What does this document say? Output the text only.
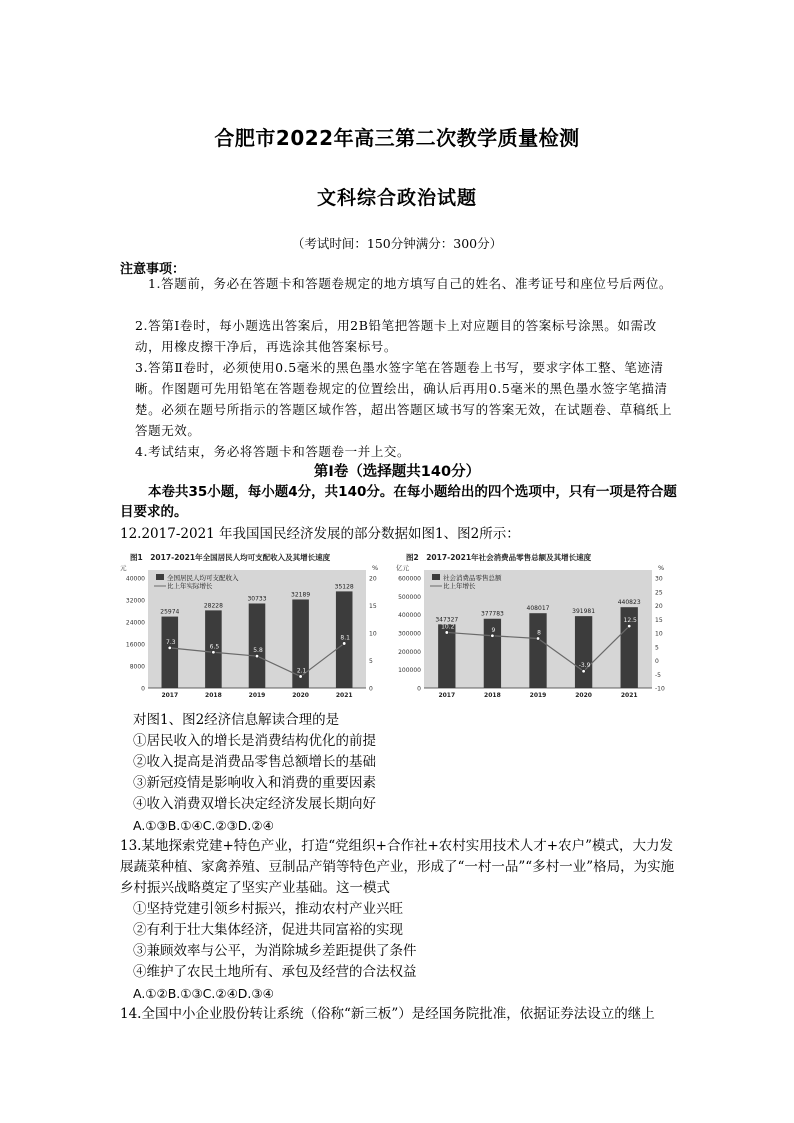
合肥市2022年高三第二次教学质量检测
文科综合政治试题
（考试时间：150分钟满分：300分）
注意事项：
1.答题前，务必在答题卡和答题卷规定的地方填写自己的姓名、准考证号和座位号后两位。
2.答第Ⅰ卷时，每小题选出答案后，用2B铅笔把答题卡上对应题目的答案标号涂黑。如需改动，用橡皮擦干净后，再选涂其他答案标号。
3.答第Ⅱ卷时，必须使用0.5毫米的黑色墨水签字笔在答题卷上书写，要求字体工整、笔迹清晰。作图题可先用铅笔在答题卷规定的位置绘出，确认后再用0.5毫米的黑色墨水签字笔描清楚。必须在题号所指示的答题区域作答，超出答题区域书写的答案无效，在试题卷、草稿纸上答题无效。
4.考试结束，务必将答题卡和答题卷一并上交。
第Ⅰ卷（选择题共140分）
本卷共35小题，每小题4分，共140分。在每小题给出的四个选项中，只有一项是符合题目要求的。
12.2017-2021 年我国国民经济发展的部分数据如图1、图2所示：
图1　2017-2021年全国居民人均可支配收入及其增长速度
元	%
0
8000
16000
24000
32000
40000
0
5
10
15
20
25974
2017
28228
2018
30733
2019
32189
2020
35128
2021
7.3
6.5
5.8
2.1
8.1
全国居民人均可支配收入
比上年实际增长
图2　2017-2021年社会消费品零售总额及其增长速度
亿元	%
0
100000
200000
300000
400000
500000
600000
-10
-5
0
5
10
15
20
25
30
347327
2017
377783
2018
408017
2019
391981
2020
440823
2021
10.2	9	8
-3.9
12.5
社会消费品零售总额
比上年增长
对图1、图2经济信息解读合理的是
①居民收入的增长是消费结构优化的前提
②收入提高是消费品零售总额增长的基础
③新冠疫情是影响收入和消费的重要因素
④收入消费双增长决定经济发展长期向好
A.①③B.①④C.②③D.②④
13.某地探索党建+特色产业，打造“党组织+合作社+农村实用技术人才+农户”模式，大力发展蔬菜种植、家禽养殖、豆制品产销等特色产业，形成了“一村一品”“多村一业”格局，为实施乡村振兴战略奠定了坚实产业基础。这一模式
①坚持党建引领乡村振兴，推动农村产业兴旺
②有利于壮大集体经济，促进共同富裕的实现
③兼顾效率与公平，为消除城乡差距提供了条件
④维护了农民土地所有、承包及经营的合法权益
A.①②B.①③C.②④D.③④
14.全国中小企业股份转让系统（俗称“新三板”）是经国务院批准，依据证券法设立的继上
